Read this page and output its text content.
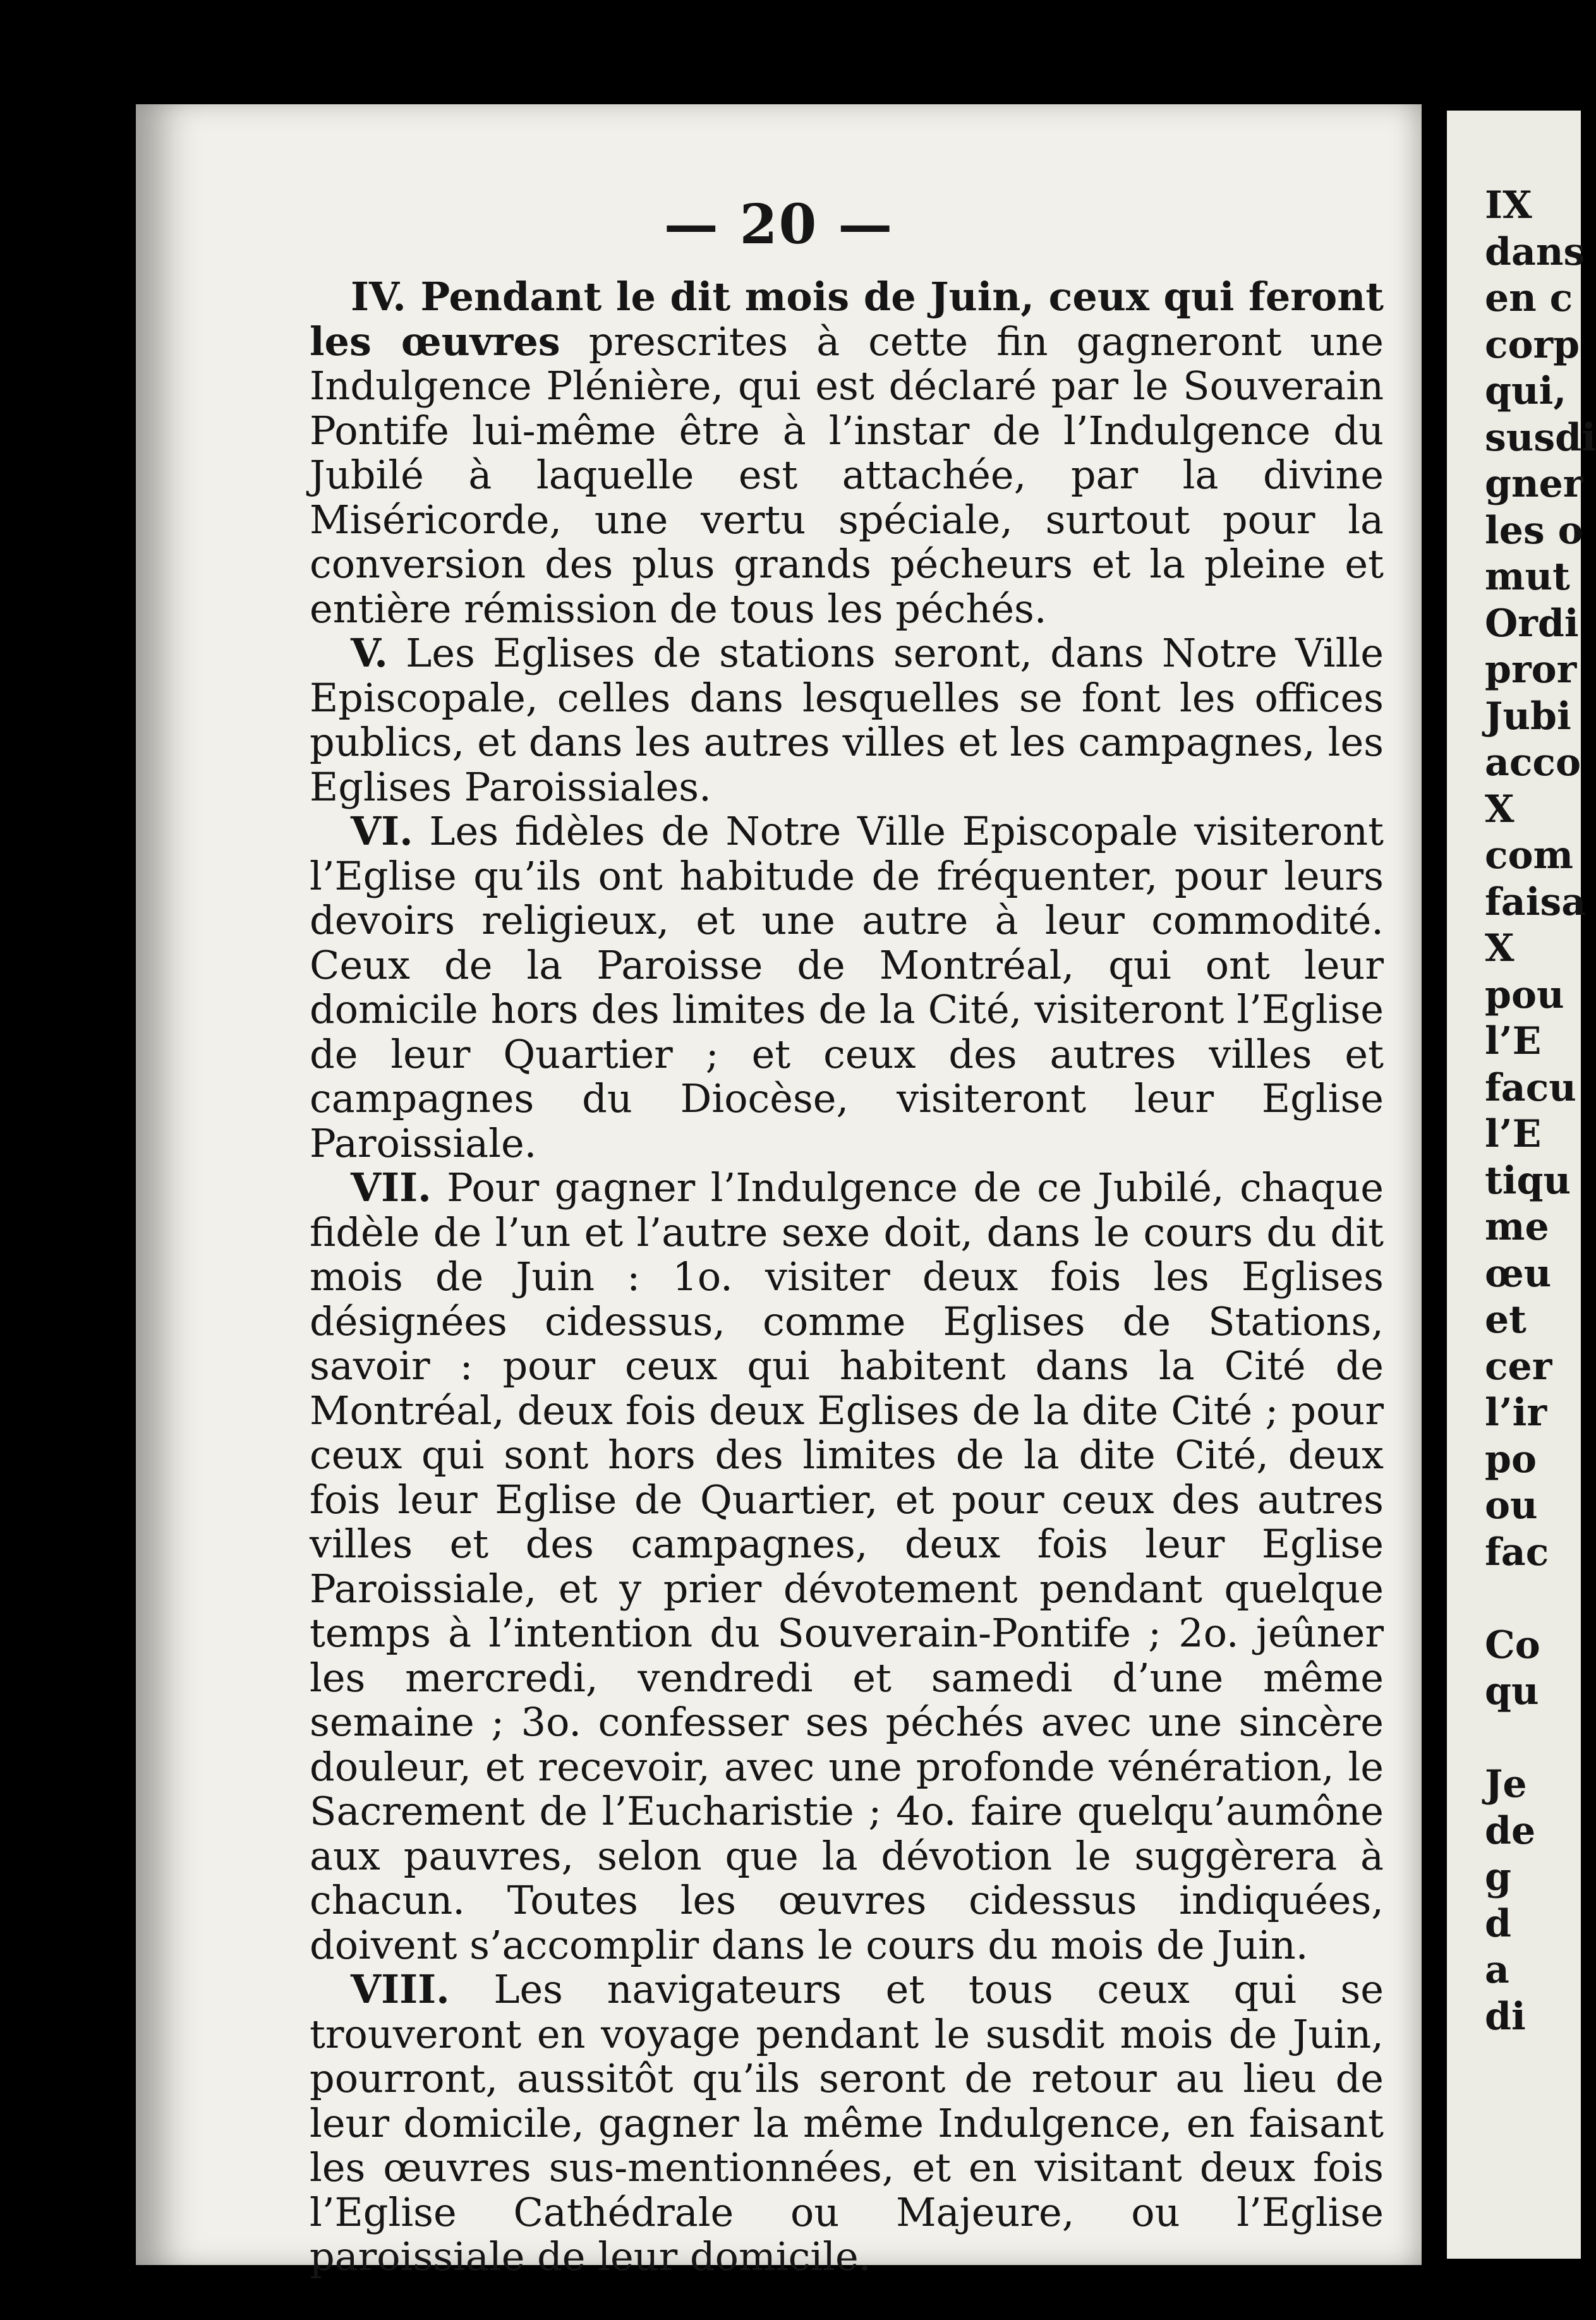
— 20 —

IV. Pendant le dit mois de Juin, ceux qui feront les œuvres prescrites à cette fin gagneront une Indulgence Plénière, qui est déclaré par le Souverain Pontife lui-même être à l’instar de l’Indulgence du Jubilé à laquelle est attachée, par la divine Miséricorde, une vertu spéciale, surtout pour la conversion des plus grands pécheurs et la pleine et entière rémission de tous les péchés.

V. Les Eglises de stations seront, dans Notre Ville Episcopale, celles dans lesquelles se font les offices publics, et dans les autres villes et les campagnes, les Eglises Paroissiales.

VI. Les fidèles de Notre Ville Episcopale visiteront l’Eglise qu’ils ont habitude de fréquenter, pour leurs devoirs religieux, et une autre à leur commodité. Ceux de la Paroisse de Montréal, qui ont leur domicile hors des limites de la Cité, visiteront l’Eglise de leur Quartier ; et ceux des autres villes et campagnes du Diocèse, visiteront leur Eglise Paroissiale.

VII. Pour gagner l’Indulgence de ce Jubilé, chaque fidèle de l’un et l’autre sexe doit, dans le cours du dit mois de Juin : 1o. visiter deux fois les Eglises désignées cidessus, comme Eglises de Stations, savoir : pour ceux qui habitent dans la Cité de Montréal, deux fois deux Eglises de la dite Cité ; pour ceux qui sont hors des limites de la dite Cité, deux fois leur Eglise de Quartier, et pour ceux des autres villes et des campagnes, deux fois leur Eglise Paroissiale, et y prier dévotement pendant quelque temps à l’intention du Souverain-Pontife ; 2o. jeûner les mercredi, vendredi et samedi d’une même semaine ; 3o. confesser ses péchés avec une sincère douleur, et recevoir, avec une profonde vénération, le Sacrement de l’Eucharistie ; 4o. faire quelqu’aumône aux pauvres, selon que la dévotion le suggèrera à chacun. Toutes les œuvres cidessus indiquées, doivent s’accomplir dans le cours du mois de Juin.

VIII. Les navigateurs et tous ceux qui se trouveront en voyage pendant le susdit mois de Juin, pourront, aussitôt qu’ils seront de retour au lieu de leur domicile, gagner la même Indulgence, en faisant les œuvres sus-mentionnées, et en visitant deux fois l’Eglise Cathédrale ou Majeure, ou l’Eglise paroissiale de leur domicile.

IX
dans
en c
corp
qui,
susdi
gner
les o
mut
Ordi
pror
Jubi
acco
X
com
faisa
X
pou
l’E
facu
l’E
tiqu
me
œu
et
cer
l’ir
po
ou
fac
Co
qu
Je
de
g
d
a
di
